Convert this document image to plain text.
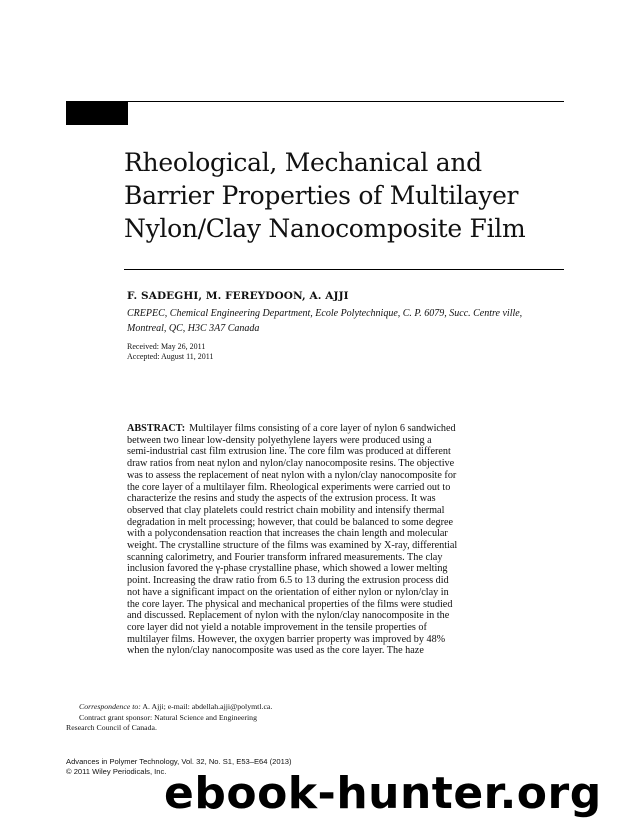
Rheological, Mechanical and
Barrier Properties of Multilayer
Nylon/Clay Nanocomposite Film
F. SADEGHI, M. FEREYDOON, A. AJJI
CREPEC, Chemical Engineering Department, Ecole Polytechnique, C. P. 6079, Succ. Centre ville,
Montreal, QC, H3C 3A7 Canada
Received: May 26, 2011
Accepted: August 11, 2011
ABSTRACT: Multilayer films consisting of a core layer of nylon 6 sandwiched
between two linear low-density polyethylene layers were produced using a
semi-industrial cast film extrusion line. The core film was produced at different
draw ratios from neat nylon and nylon/clay nanocomposite resins. The objective
was to assess the replacement of neat nylon with a nylon/clay nanocomposite for
the core layer of a multilayer film. Rheological experiments were carried out to
characterize the resins and study the aspects of the extrusion process. It was
observed that clay platelets could restrict chain mobility and intensify thermal
degradation in melt processing; however, that could be balanced to some degree
with a polycondensation reaction that increases the chain length and molecular
weight. The crystalline structure of the films was examined by X-ray, differential
scanning calorimetry, and Fourier transform infrared measurements. The clay
inclusion favored the γ-phase crystalline phase, which showed a lower melting
point. Increasing the draw ratio from 6.5 to 13 during the extrusion process did
not have a significant impact on the orientation of either nylon or nylon/clay in
the core layer. The physical and mechanical properties of the films were studied
and discussed. Replacement of nylon with the nylon/clay nanocomposite in the
core layer did not yield a notable improvement in the tensile properties of
multilayer films. However, the oxygen barrier property was improved by 48%
when the nylon/clay nanocomposite was used as the core layer. The haze
Correspondence to: A. Ajji; e-mail: abdellah.ajji@polymtl.ca.
Contract grant sponsor: Natural Science and Engineering
Research Council of Canada.
Advances in Polymer Technology, Vol. 32, No. S1, E53–E64 (2013)
© 2011 Wiley Periodicals, Inc.
ebook-hunter.org
